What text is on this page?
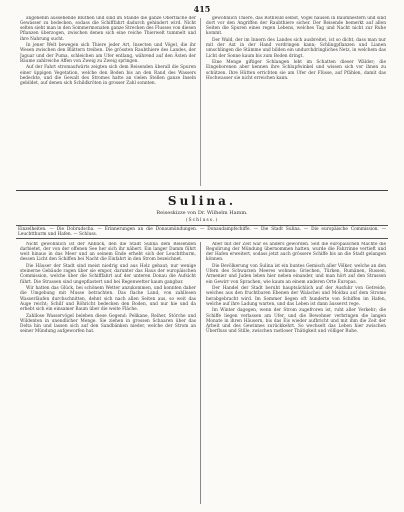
415

angenehm aussehende Blüthen und sind im Stande die ganze Oberfläche der Gewässer zu bedecken, sodass die Schifffahrt dadurch gehindert wird. Nicht selten sieht man in den Sommermonaten ganze Strecken des Flusses von diesen Pflanzen überzogen, zwischen denen sich eine reiche Thierwelt tummelt und ihre Nahrung sucht.

In jener Welt bewegen sich Thiere jeder Art, Insecten und Vögel, die ihr Wesen zwischen den Blättern treiben. Die grössten Raubthiere des Landes, der Jaguar und der Puma, schleichen am Ufer entlang, während auf den Ästen der Bäume zahlreiche Affen von Zweig zu Zweig springen.

Auf der Fahrt stromaufwärts zeigten sich dem Reisenden überall die Spuren einer üppigen Vegetation, welche den Boden bis an den Rand des Wassers bedeckte, und die Gewalt des Stromes hatte an vielen Stellen ganze Inseln gebildet, auf denen sich Schildkröten in grosser Zahl sonnten.

gewöhnlich Thiere, das Rothwild selbst, Vögel hausen in Baumnestern und sind dort vor den Angriffen der Raubthiere sicher. Der Reisende bemerkt auf allen Seiten die Spuren eines regen Lebens, welches Tag und Nacht nicht zur Ruhe kommt.

Der Wald, der im Innern des Landes sich ausbreitet, ist so dicht, dass man nur mit der Axt in der Hand vordringen kann; Schlingpflanzen und Lianen umschlingen die Stämme und bilden ein undurchdringliches Netz, in welchem das Licht der Sonne kaum bis zum Boden dringt.

Eine Menge giftiger Schlangen lebt im Schatten dieser Wälder; die Eingeborenen aber kennen ihre Schlupfwinkel und wissen sich vor ihnen zu schützen. Ihre Hütten errichten sie am Ufer der Flüsse, auf Pfählen, damit das Hochwasser sie nicht erreichen kann.

Sulina.
Reiseskizze von Dr. Wilhelm Hamm.
(Schluss.)
Einzelheiten. — Die Dobrudscha. — Erinnerungen an die Donaumündungen. — Donaudampfschiffe. — Die Stadt Sulina. — Die europäische Commission. — Leuchtthurm und Hafen. — Schluss.

Nicht gewöhnlich ist der Anblick, den die Stadt Sulina dem Reisenden darbietet, der von der offenen See her sich ihr nähert. Ein langer Damm führt weit hinaus in das Meer und an seinem Ende erhebt sich der Leuchtthurm, dessen Licht den Schiffen bei Nacht die Einfahrt in den Strom bezeichnet.

Die Häuser der Stadt sind meist niedrig und aus Holz gebaut; nur wenige steinerne Gebäude ragen über sie empor, darunter das Haus der europäischen Commission, welche über die Schifffahrt auf der unteren Donau die Aufsicht führt. Die Strassen sind ungepflastert und bei Regenwetter kaum gangbar.

Wir hatten das Glück, bei schönem Wetter anzukommen, und konnten daher die Umgebung mit Musse betrachten. Das flache Land, von zahllosen Wasserläufen durchschnitten, dehnt sich nach allen Seiten aus, so weit das Auge reicht; Schilf und Röhricht bedecken den Boden, und nur hie und da erhebt sich ein einsamer Baum über die weite Fläche.

Zahllose Wasservögel beleben diese Gegend: Pelikane, Reiher, Störche und Wildenten in unendlicher Menge. Sie ziehen in grossen Schaaren über das Delta hin und lassen sich auf den Sandbänken nieder, welche der Strom an seiner Mündung aufgeworfen hat.

Aber mit der Zeit war es anders geworden. Seit die europäischen Mächte die Regulirung der Mündung übernommen hatten, wurde die Fahrrinne vertieft und der Hafen erweitert, sodass jetzt auch grössere Schiffe bis an die Stadt gelangen können.

Die Bevölkerung von Sulina ist ein buntes Gemisch aller Völker, welche an den Ufern des Schwarzen Meeres wohnen: Griechen, Türken, Rumänen, Russen, Armenier und Juden leben hier neben einander, und man hört auf den Strassen ein Gewirr von Sprachen, wie kaum an einem anderen Orte Europas.

Der Handel der Stadt beruht hauptsächlich auf der Ausfuhr von Getreide, welches aus den fruchtbaren Ebenen der Walachei und Moldau auf dem Strome herabgebracht wird. Im Sommer liegen oft hunderte von Schiffen im Hafen, welche auf ihre Ladung warten, und das Leben ist dann äusserst rege.

Im Winter dagegen, wenn der Strom zugefroren ist, ruht aller Verkehr; die Schiffe liegen verlassen am Ufer, und die Bewohner verbringen die langen Monate in ihren Häusern, bis das Eis wieder aufbricht und mit ihm die Zeit der Arbeit und des Gewinnes zurückkehrt. So wechselt das Leben hier zwischen Überfluss und Stille, zwischen rastloser Thätigkeit und völliger Ruhe.
